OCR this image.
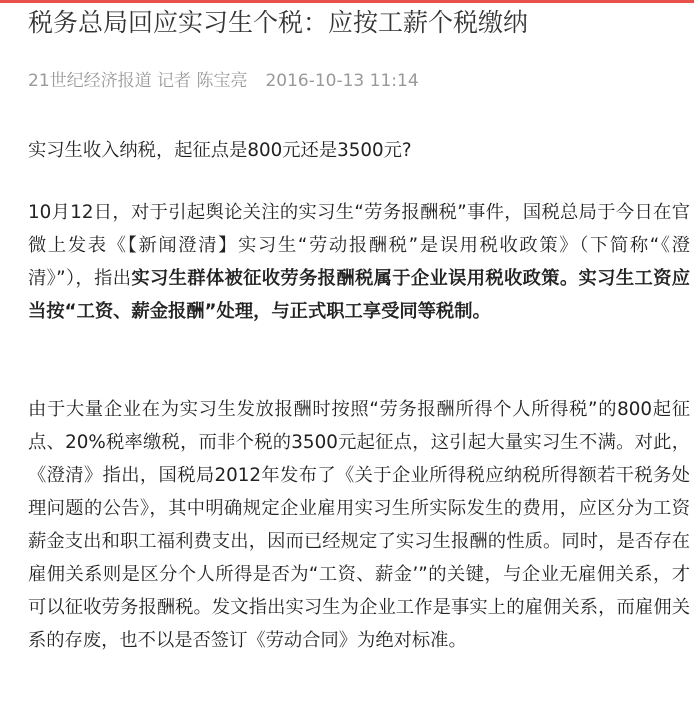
税务总局回应实习生个税：应按工薪个税缴纳
21世纪经济报道 记者 陈宝亮 2016-10-13 11:14

实习生收入纳税，起征点是800元还是3500元?

10月12日，对于引起舆论关注的实习生“劳务报酬税”事件，国税总局于今日在官微上发表《【新闻澄清】实习生“劳动报酬税”是误用税收政策》（下简称“《澄清》”），指出实习生群体被征收劳务报酬税属于企业误用税收政策。实习生工资应当按“工资、薪金报酬”处理，与正式职工享受同等税制。

由于大量企业在为实习生发放报酬时按照“劳务报酬所得个人所得税”的800起征点、20%税率缴税，而非个税的3500元起征点，这引起大量实习生不满。对此，《澄清》指出，国税局2012年发布了《关于企业所得税应纳税所得额若干税务处理问题的公告》，其中明确规定企业雇用实习生所实际发生的费用，应区分为工资薪金支出和职工福利费支出，因而已经规定了实习生报酬的性质。同时，是否存在雇佣关系则是区分个人所得是否为“工资、薪金’”的关键，与企业无雇佣关系，才可以征收劳务报酬税。发文指出实习生为企业工作是事实上的雇佣关系，而雇佣关系的存废，也不以是否签订《劳动合同》为绝对标准。
